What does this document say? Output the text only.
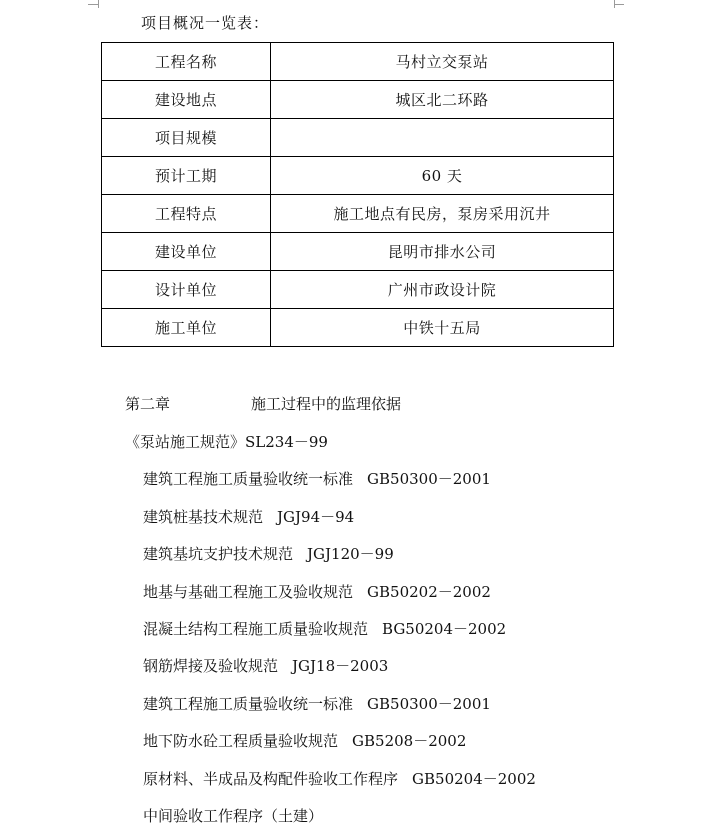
项目概况一览表：
工程名称	马村立交泵站
建设地点	城区北二环路
项目规模	
预计工期	60 天
工程特点	施工地点有民房，泵房采用沉井
建设单位	昆明市排水公司
设计单位	广州市政设计院
施工单位	中铁十五局
第二章	施工过程中的监理依据
《泵站施工规范》SL234－99
建筑工程施工质量验收统一标准 GB50300－2001
建筑桩基技术规范 JGJ94－94
建筑基坑支护技术规范 JGJ120－99
地基与基础工程施工及验收规范 GB50202－2002
混凝土结构工程施工质量验收规范 BG50204－2002
钢筋焊接及验收规范 JGJ18－2003
建筑工程施工质量验收统一标准 GB50300－2001
地下防水砼工程质量验收规范 GB5208－2002
原材料、半成品及构配件验收工作程序 GB50204－2002
中间验收工作程序（土建）
